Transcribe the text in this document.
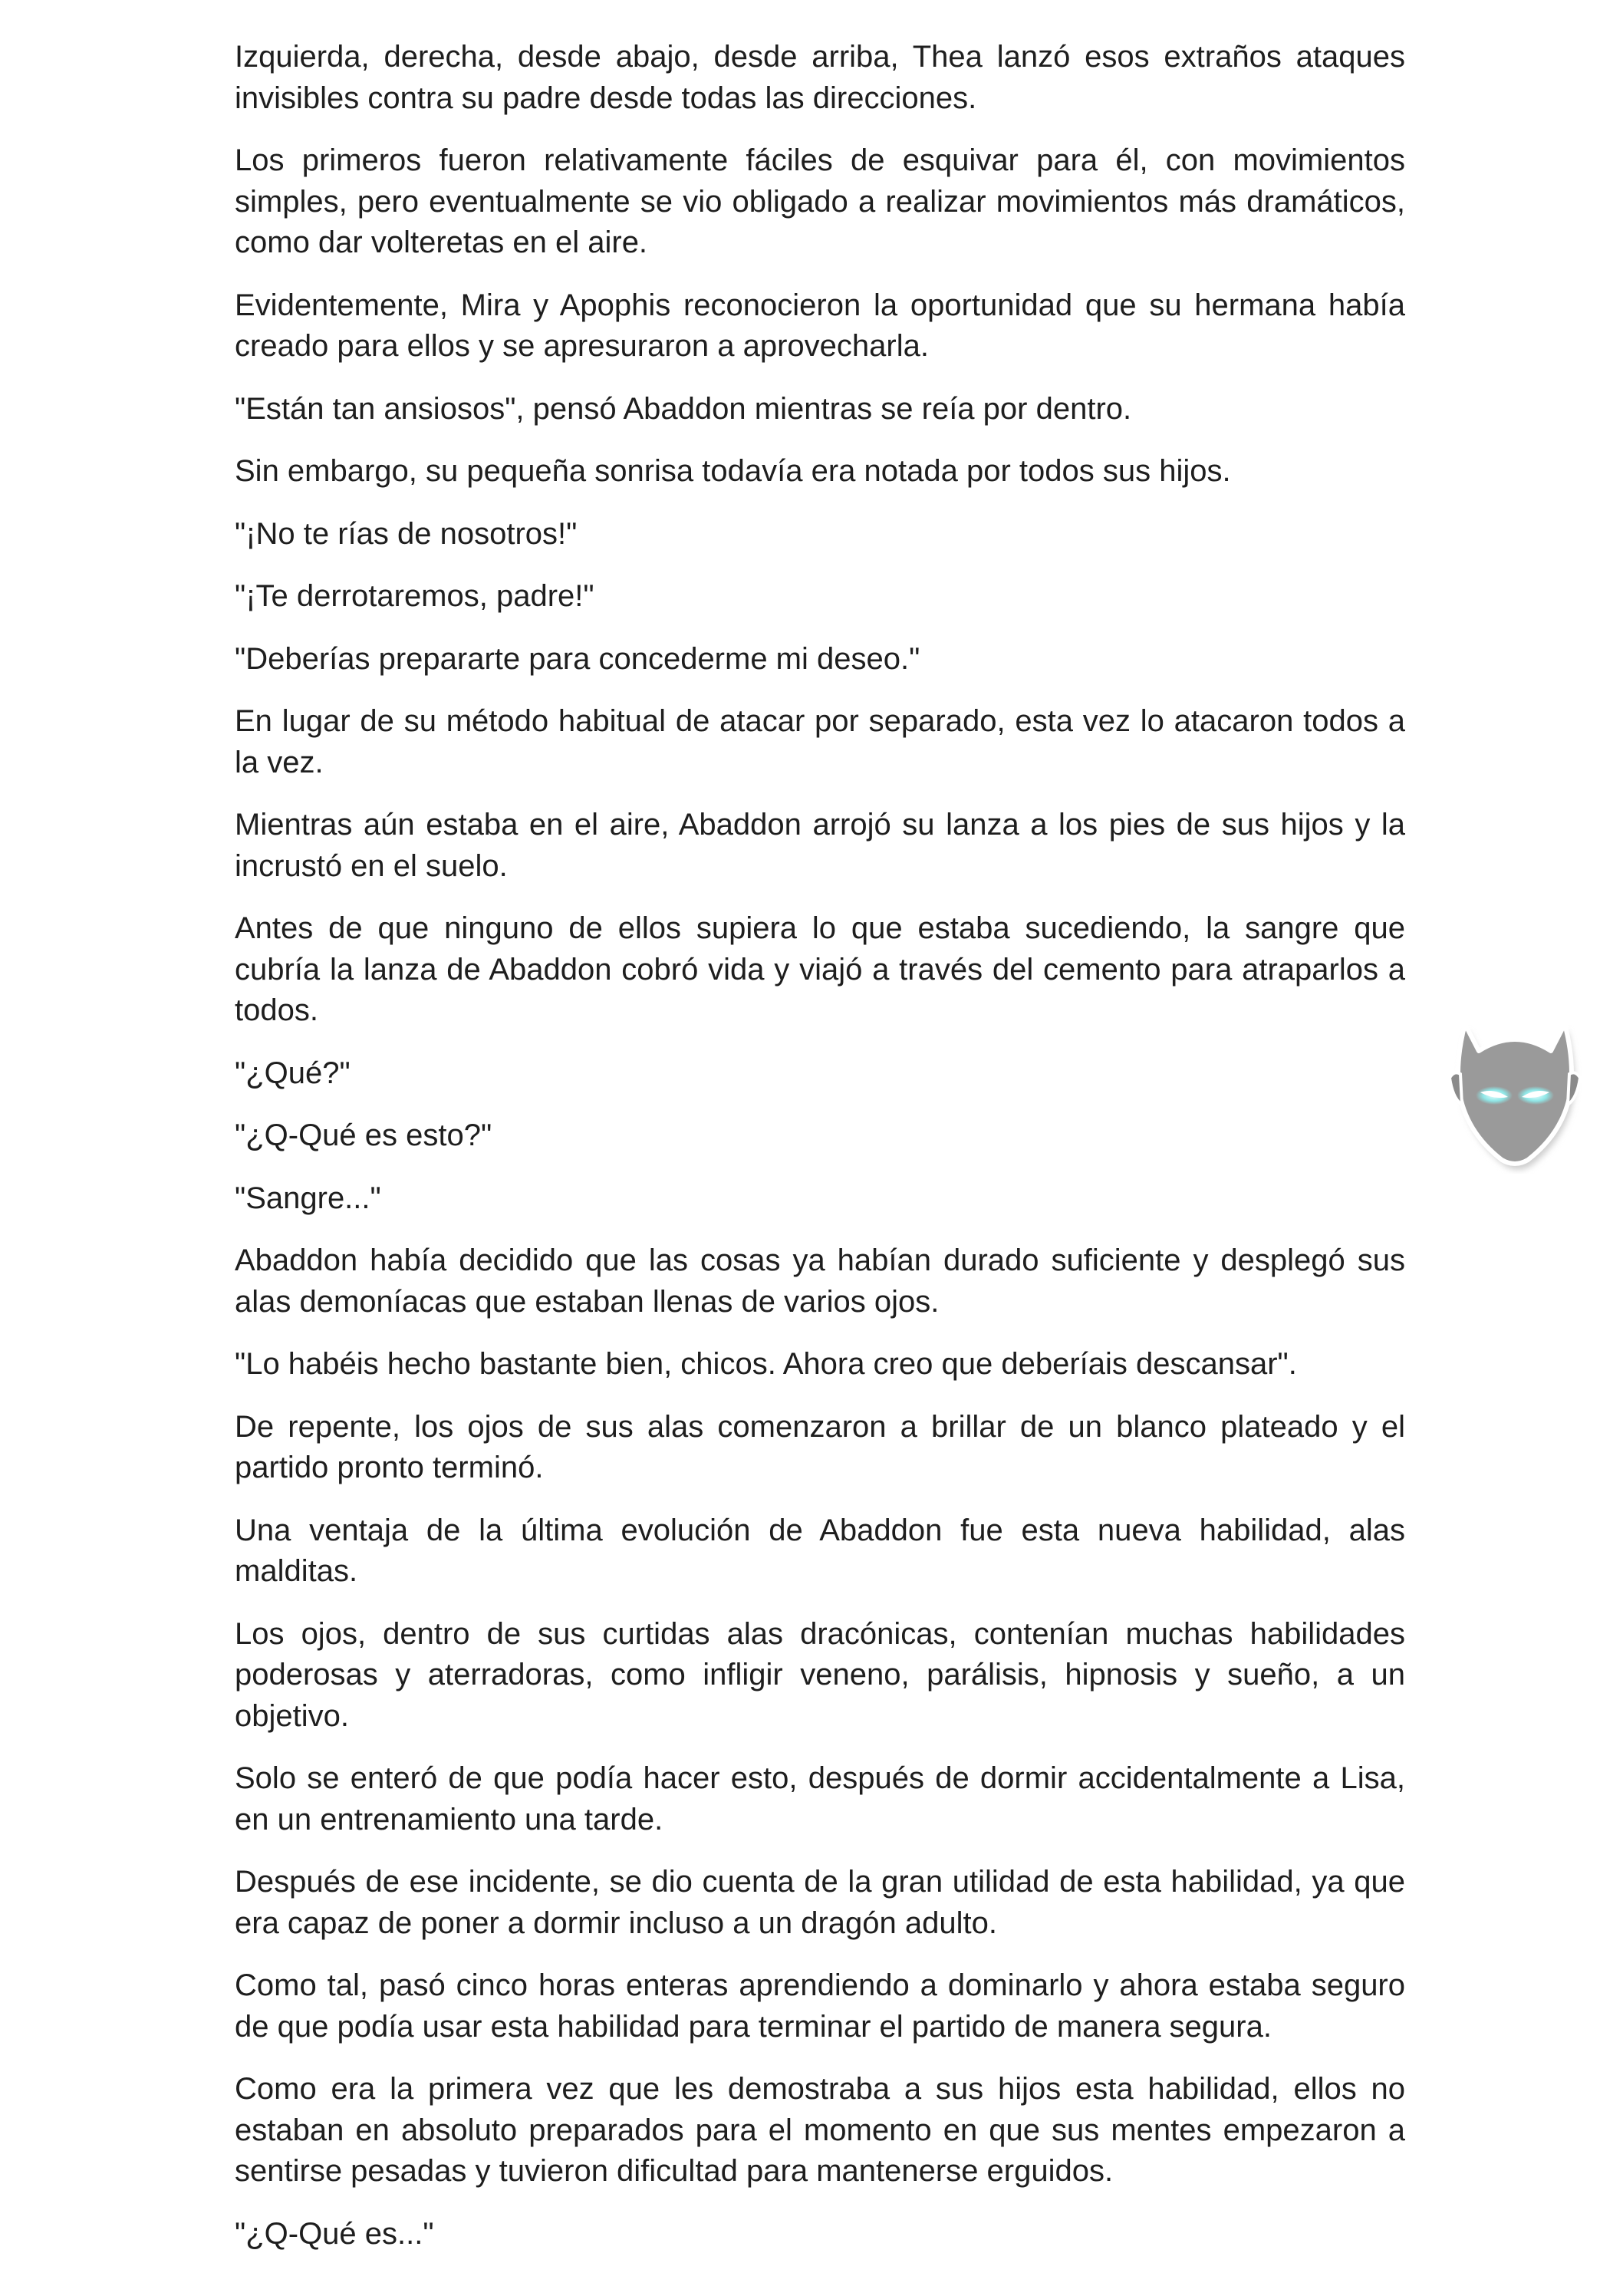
Izquierda, derecha, desde abajo, desde arriba, Thea lanzó esos extraños ataques invisibles contra su padre desde todas las direcciones.

Los primeros fueron relativamente fáciles de esquivar para él, con movimientos simples, pero eventualmente se vio obligado a realizar movimientos más dramáticos, como dar volteretas en el aire.

Evidentemente, Mira y Apophis reconocieron la oportunidad que su hermana había creado para ellos y se apresuraron a aprovecharla.

"Están tan ansiosos", pensó Abaddon mientras se reía por dentro.

Sin embargo, su pequeña sonrisa todavía era notada por todos sus hijos.

"¡No te rías de nosotros!"

"¡Te derrotaremos, padre!"

"Deberías prepararte para concederme mi deseo."

En lugar de su método habitual de atacar por separado, esta vez lo atacaron todos a la vez.

Mientras aún estaba en el aire, Abaddon arrojó su lanza a los pies de sus hijos y la incrustó en el suelo.

Antes de que ninguno de ellos supiera lo que estaba sucediendo, la sangre que cubría la lanza de Abaddon cobró vida y viajó a través del cemento para atraparlos a todos.

"¿Qué?"

"¿Q-Qué es esto?"

"Sangre..."

Abaddon había decidido que las cosas ya habían durado suficiente y desplegó sus alas demoníacas que estaban llenas de varios ojos.

"Lo habéis hecho bastante bien, chicos. Ahora creo que deberíais descansar".

De repente, los ojos de sus alas comenzaron a brillar de un blanco plateado y el partido pronto terminó.

Una ventaja de la última evolución de Abaddon fue esta nueva habilidad, alas malditas.

Los ojos, dentro de sus curtidas alas dracónicas, contenían muchas habilidades poderosas y aterradoras, como infligir veneno, parálisis, hipnosis y sueño, a un objetivo.

Solo se enteró de que podía hacer esto, después de dormir accidentalmente a Lisa, en un entrenamiento una tarde.

Después de ese incidente, se dio cuenta de la gran utilidad de esta habilidad, ya que era capaz de poner a dormir incluso a un dragón adulto.

Como tal, pasó cinco horas enteras aprendiendo a dominarlo y ahora estaba seguro de que podía usar esta habilidad para terminar el partido de manera segura.

Como era la primera vez que les demostraba a sus hijos esta habilidad, ellos no estaban en absoluto preparados para el momento en que sus mentes empezaron a sentirse pesadas y tuvieron dificultad para mantenerse erguidos.

"¿Q-Qué es..."
